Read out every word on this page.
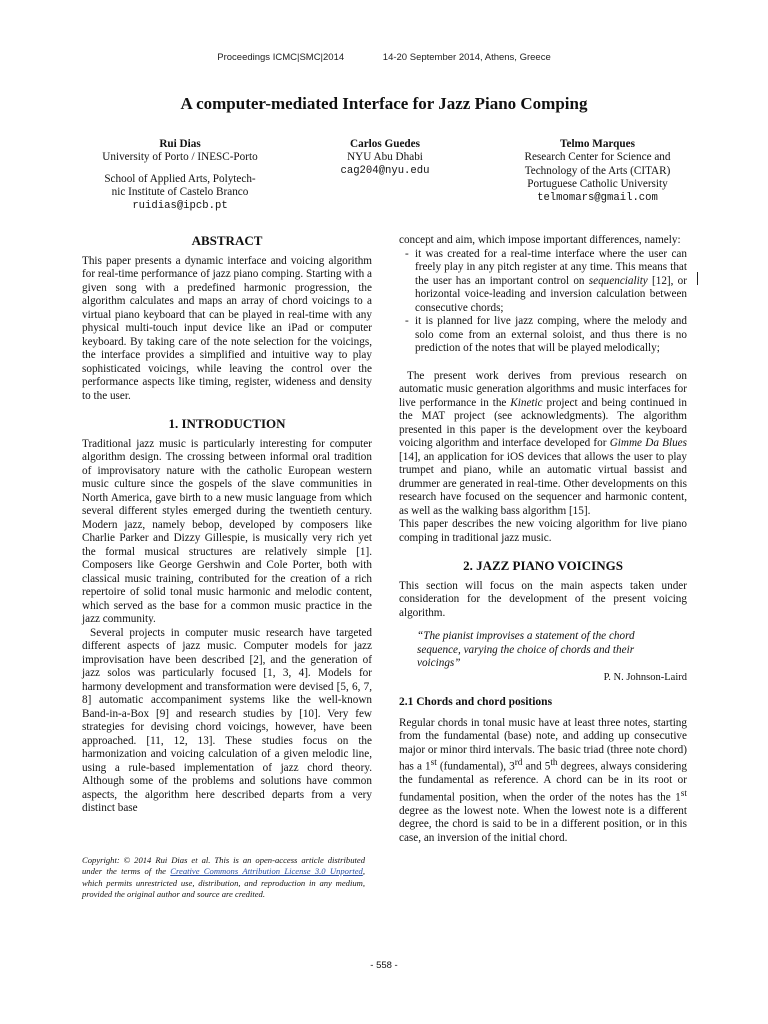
Proceedings ICMC|SMC|2014	14-20 September 2014, Athens, Greece
A computer-mediated Interface for Jazz Piano Comping
Rui Dias
University of Porto / INESC-Porto
School of Applied Arts, Polytech-
nic Institute of Castelo Branco
ruidias@ipcb.pt
Carlos Guedes
NYU Abu Dhabi
cag204@nyu.edu
Telmo Marques
Research Center for Science and
Technology of the Arts (CITAR)
Portuguese Catholic University
telmomars@gmail.com

ABSTRACT

This paper presents a dynamic interface and voicing algorithm for real-time performance of jazz piano comping. Starting with a given song with a predefined harmonic progression, the algorithm calculates and maps an array of chord voicings to a virtual piano keyboard that can be played in real-time with any physical multi-touch input device like an iPad or computer keyboard. By taking care of the note selection for the voicings, the interface provides a simplified and intuitive way to play sophisticated voicings, while leaving the control over the performance aspects like timing, register, wideness and density to the user.

1. INTRODUCTION

Traditional jazz music is particularly interesting for computer algorithm design. The crossing between informal oral tradition of improvisatory nature with the catholic European western music culture since the gospels of the slave communities in North America, gave birth to a new music language from which several different styles emerged during the twentieth century. Modern jazz, namely bebop, developed by composers like Charlie Parker and Dizzy Gillespie, is musically very rich yet the formal musical structures are relatively simple [1]. Composers like George Gershwin and Cole Porter, both with classical music training, contributed for the creation of a rich repertoire of solid tonal music harmonic and melodic content, which served as the base for a common music practice in the jazz community.

Several projects in computer music research have targeted different aspects of jazz music. Computer models for jazz improvisation have been described [2], and the generation of jazz solos was particularly focused [1, 3, 4]. Models for harmony development and transformation were devised [5, 6, 7, 8] automatic accompaniment systems like the well-known Band-in-a-Box [9] and research studies by [10]. Very few strategies for devising chord voicings, however, have been approached. [11, 12, 13]. These studies focus on the harmonization and voicing calculation of a given melodic line, using a rule-based implementation of jazz chord theory. Although some of the problems and solutions have common aspects, the algorithm here described departs from a very distinct base

Copyright: © 2014 Rui Dias et al. This is an open-access article distributed under the terms of the Creative Commons Attribution License 3.0 Unported, which permits unrestricted use, distribution, and reproduction in any medium, provided the original author and source are credited.

concept and aim, which impose important differences, namely:

- it was created for a real-time interface where the user can freely play in any pitch register at any time. This means that the user has an important control on sequenciality [12], or horizontal voice-leading and inversion calculation between consecutive chords;
- it is planned for live jazz comping, where the melody and solo come from an external soloist, and thus there is no prediction of the notes that will be played melodically;

The present work derives from previous research on automatic music generation algorithms and music interfaces for live performance in the Kinetic project and being continued in the MAT project (see acknowledgments). The algorithm presented in this paper is the development over the keyboard voicing algorithm and interface developed for Gimme Da Blues [14], an application for iOS devices that allows the user to play trumpet and piano, while an automatic virtual bassist and drummer are generated in real-time. Other developments on this research have focused on the sequencer and harmonic content, as well as the walking bass algorithm [15].

This paper describes the new voicing algorithm for live piano comping in traditional jazz music.

2. JAZZ PIANO VOICINGS

This section will focus on the main aspects taken under consideration for the development of the present voicing algorithm.

“The pianist improvises a statement of the chord sequence, varying the choice of chords and their voicings”

P. N. Johnson-Laird

2.1 Chords and chord positions

Regular chords in tonal music have at least three notes, starting from the fundamental (base) note, and adding up consecutive major or minor third intervals. The basic triad (three note chord) has a 1st (fundamental), 3rd and 5th degrees, always considering the fundamental as reference. A chord can be in its root or fundamental position, when the order of the notes has the 1st degree as the lowest note. When the lowest note is a different degree, the chord is said to be in a different position, or in this case, an inversion of the initial chord.

- 558 -
